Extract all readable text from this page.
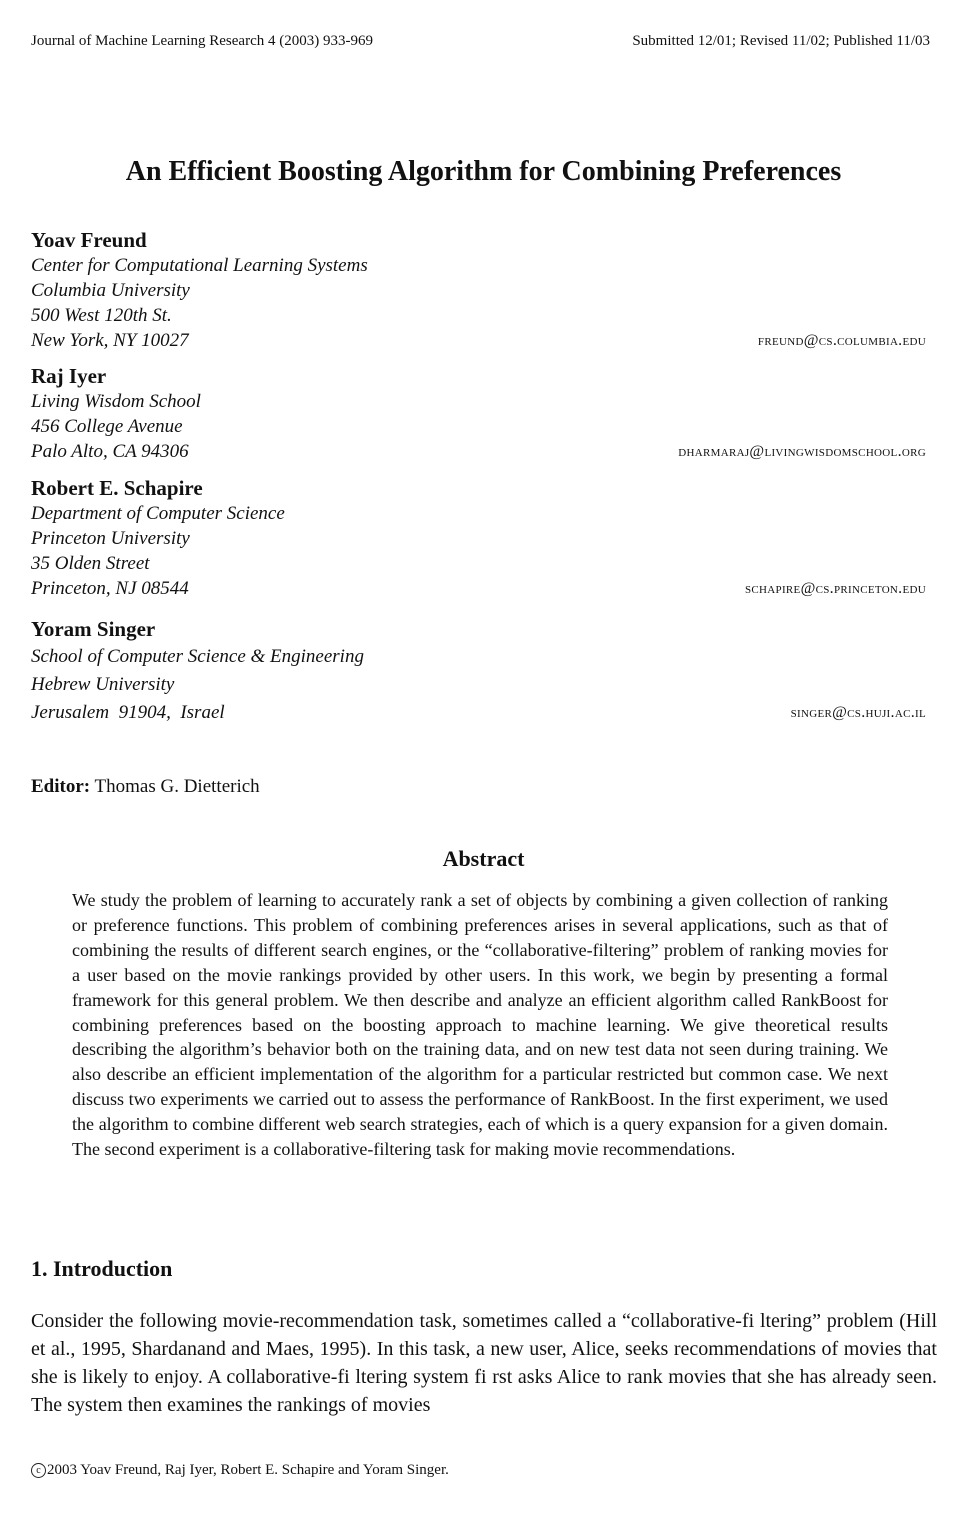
Journal of Machine Learning Research 4 (2003) 933-969	Submitted 12/01; Revised 11/02; Published 11/03
An Efficient Boosting Algorithm for Combining Preferences
Yoav Freund
Center for Computational Learning Systems
Columbia University
500 West 120th St.
New York, NY 10027	freund@cs.columbia.edu
Raj Iyer
Living Wisdom School
456 College Avenue
Palo Alto, CA 94306	dharmaraj@livingwisdomschool.org
Robert E. Schapire
Department of Computer Science
Princeton University
35 Olden Street
Princeton, NJ 08544	schapire@cs.princeton.edu
Yoram Singer
School of Computer Science & Engineering
Hebrew University
Jerusalem  91904,  Israel	singer@cs.huji.ac.il
Editor: Thomas G. Dietterich
Abstract
We study the problem of learning to accurately rank a set of objects by combining a given collection of ranking or preference functions. This problem of combining preferences arises in several applications, such as that of combining the results of different search engines, or the “collaborative-filtering” problem of ranking movies for a user based on the movie rankings provided by other users. In this work, we begin by presenting a formal framework for this general problem. We then describe and analyze an efficient algorithm called RankBoost for combining preferences based on the boosting approach to machine learning. We give theoretical results describing the algorithm’s behavior both on the training data, and on new test data not seen during training. We also describe an efficient implementation of the algorithm for a particular restricted but common case. We next discuss two experiments we carried out to assess the performance of RankBoost. In the first experiment, we used the algorithm to combine different web search strategies, each of which is a query expansion for a given domain. The second experiment is a collaborative-filtering task for making movie recommendations.
1. Introduction
Consider the following movie-recommendation task, sometimes called a “collaborative-fi ltering” problem (Hill et al., 1995, Shardanand and Maes, 1995). In this task, a new user, Alice, seeks recommendations of movies that she is likely to enjoy. A collaborative-fi ltering system fi rst asks Alice to rank movies that she has already seen. The system then examines the rankings of movies
c 2003 Yoav Freund, Raj Iyer, Robert E. Schapire and Yoram Singer.
